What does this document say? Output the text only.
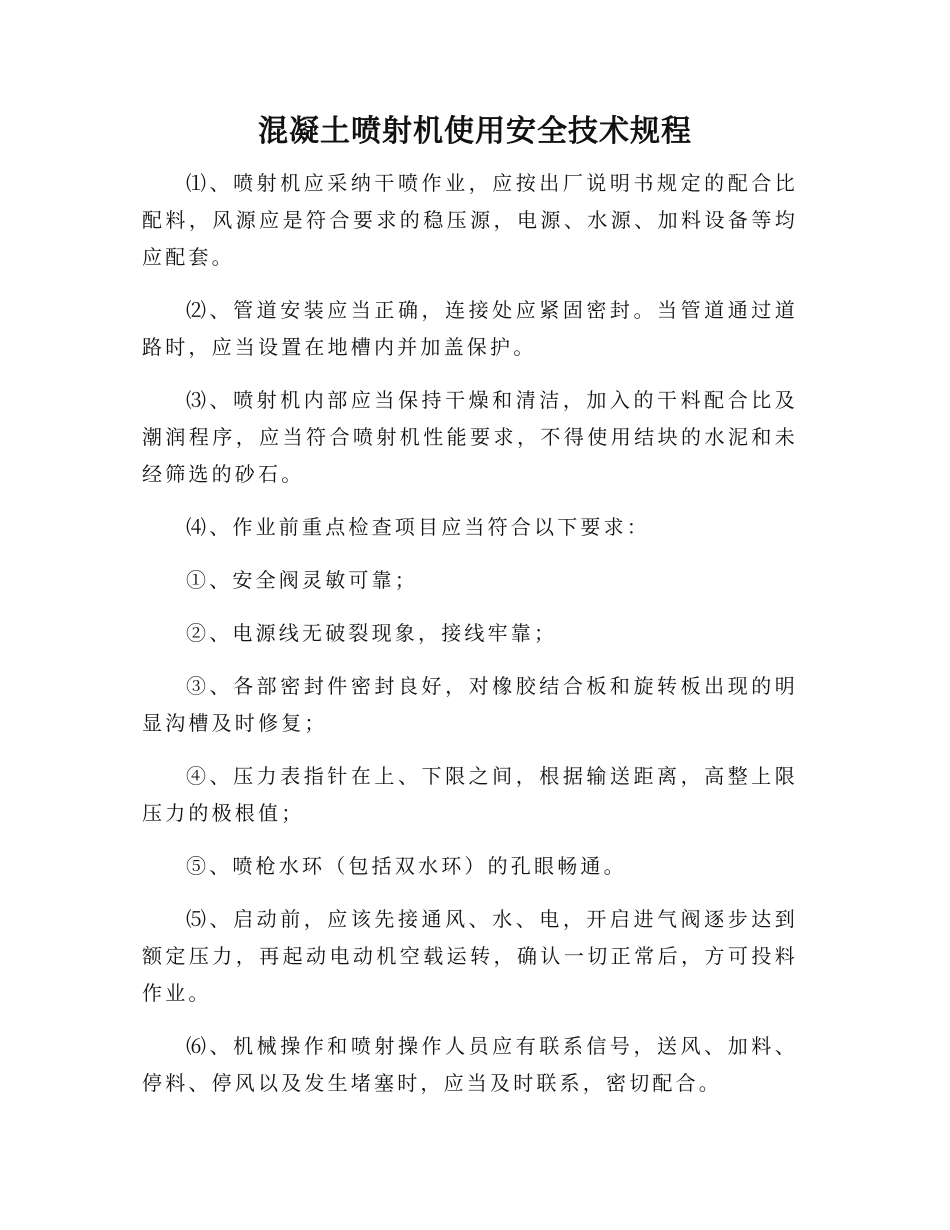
混凝土喷射机使用安全技术规程

⑴、喷射机应采纳干喷作业，应按出厂说明书规定的配合比配料，风源应是符合要求的稳压源，电源、水源、加料设备等均应配套。

⑵、管道安装应当正确，连接处应紧固密封。当管道通过道路时，应当设置在地槽内并加盖保护。

⑶、喷射机内部应当保持干燥和清洁，加入的干料配合比及潮润程序，应当符合喷射机性能要求，不得使用结块的水泥和未经筛选的砂石。

⑷、作业前重点检查项目应当符合以下要求：

①、安全阀灵敏可靠；

②、电源线无破裂现象，接线牢靠；

③、各部密封件密封良好，对橡胶结合板和旋转板出现的明显沟槽及时修复；

④、压力表指针在上、下限之间，根据输送距离，高整上限压力的极根值；

⑤、喷枪水环（包括双水环）的孔眼畅通。

⑸、启动前，应该先接通风、水、电，开启进气阀逐步达到额定压力，再起动电动机空载运转，确认一切正常后，方可投料作业。

⑹、机械操作和喷射操作人员应有联系信号，送风、加料、停料、停风以及发生堵塞时，应当及时联系，密切配合。
